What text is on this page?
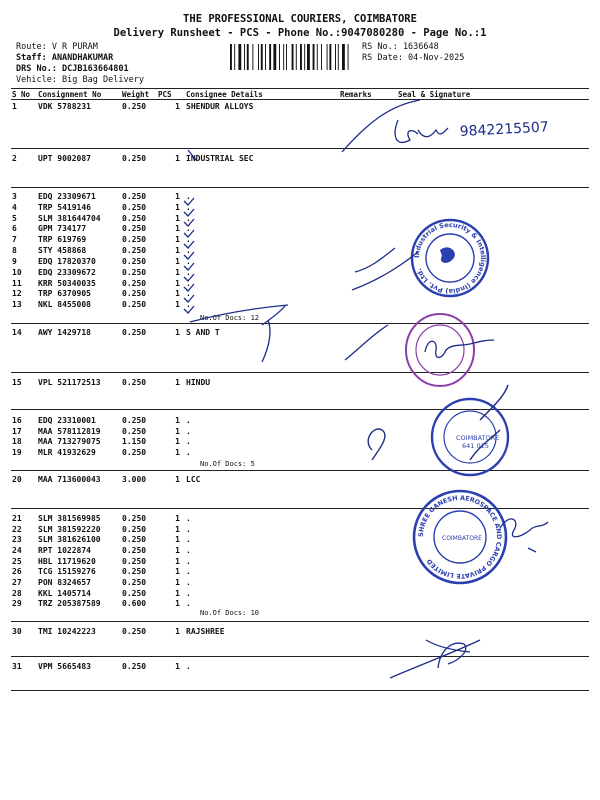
THE PROFESSIONAL COURIERS, COIMBATORE
Delivery Runsheet - PCS - Phone No.:9047080280 - Page No.:1
Route: V R PURAM
Staff: ANANDHAKUMAR
DRS No.: DCJB163664801
Vehicle: Big Bag Delivery
RS No.: 1636648
RS Date: 04-Nov-2025
S No Consignment No	Weight PCS Consignee Details	Remarks	Seal & Signature
1	VDK 5788231	0.250	1 SHENDUR ALLOYS
2	UPT 9002087	0.250	1 INDUSTRIAL SEC
3	EDQ 23309671	0.250	1 .
4	TRP 5419146	0.250	1 .
5	SLM 381644704	0.250	1 .
6	GPM 734177	0.250	1 .
7	TRP 619769	0.250	1 .
8	STY 458868	0.250	1 .
9	EDQ 17820370	0.250	1 .
10 EDQ 23309672	0.250	1 .
11 KRR 50340035	0.250	1 .
12 TRP 6370905	0.250	1 .
13 NKL 8455008	0.250	1 .
14 AWY 1429718	0.250	1 S AND T
15 VPL 521172513	0.250	1 HINDU
16 EDQ 23310001	0.250	1 .
17 MAA 578112819	0.250	1 .
18 MAA 713279075	1.150	1 .
19 MLR 41932629	0.250	1 .
20 MAA 713600043	3.000	1 LCC
21 SLM 381569985	0.250	1 .
22 SLM 381592220	0.250	1 .
23 SLM 381626100	0.250	1 .
24 RPT 1022874	0.250	1 .
25 HBL 11719620	0.250	1 .
26 TCG 15159276	0.250	1 .
27 PON 8324657	0.250	1 .
28 KKL 1405714	0.250	1 .
29 TRZ 205387589	0.600	1 .
30 TMI 10242223	0.250	1 RAJSHREE
31 VPM 5665483	0.250	1 .
No.Of Docs: 12
No.Of Docs: 5
No.Of Docs: 10
9842215507
Industrial Security & Intelligence (India) Pvt. Ltd.
COIMBATORE
641 015
SHREE GANESH AEROSPACE AND CARGO PRIVATE LIMITED
COIMBATORE
